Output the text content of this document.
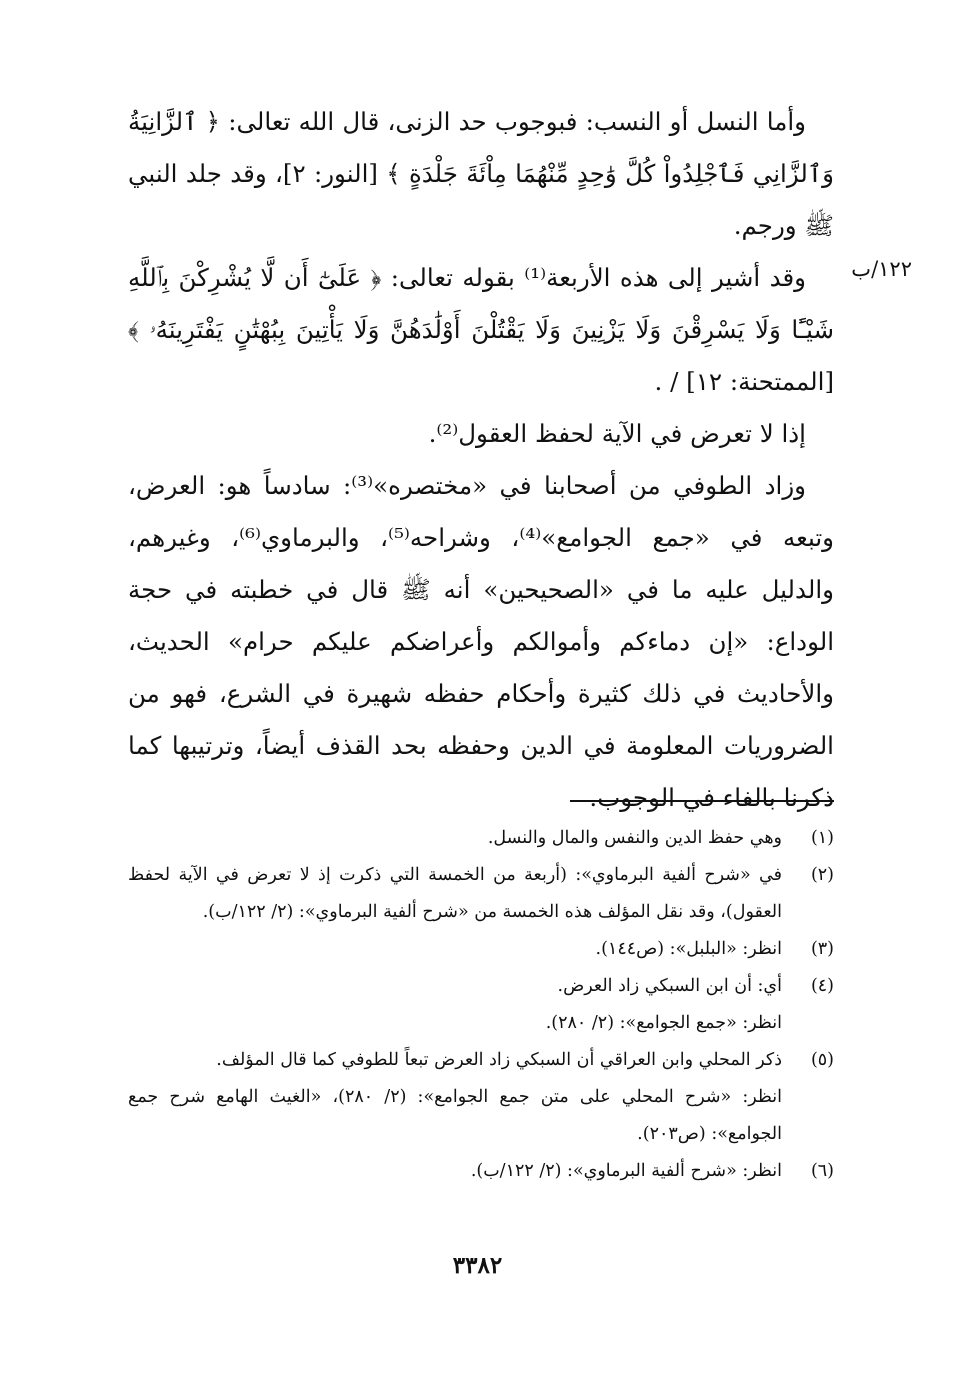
١٢٢/ب

وأما النسل أو النسب: فبوجوب حد الزنى، قال الله تعالى: ﴿ ٱلزَّانِيَةُ وَٱلزَّانِي فَٱجْلِدُواْ كُلَّ وَٰحِدٍ مِّنْهُمَا مِاْئَةَ جَلْدَةٍ ﴾ [النور: ٢]، وقد جلد النبي ﷺ ورجم.

وقد أشير إلى هذه الأربعة⁽¹⁾ بقوله تعالى: ﴿ عَلَىٰٓ أَن لَّا يُشْرِكْنَ بِٱللَّهِ شَيْـًٔا وَلَا يَسْرِقْنَ وَلَا يَزْنِينَ وَلَا يَقْتُلْنَ أَوْلَٰدَهُنَّ وَلَا يَأْتِينَ بِبُهْتَٰنٍ يَفْتَرِينَهُۥ ﴾ [الممتحنة: ١٢] / .

إذا لا تعرض في الآية لحفظ العقول⁽²⁾.

وزاد الطوفي من أصحابنا في «مختصره»⁽³⁾: سادساً هو: العرض، وتبعه في «جمع الجوامع»⁽⁴⁾، وشراحه⁽⁵⁾، والبرماوي⁽⁶⁾، وغيرهم، والدليل عليه ما في «الصحيحين» أنه ﷺ قال في خطبته في حجة الوداع: «إن دماءكم وأموالكم وأعراضكم عليكم حرام» الحديث، والأحاديث في ذلك كثيرة وأحكام حفظه شهيرة في الشرع، فهو من الضروريات المعلومة في الدين وحفظه بحد القذف أيضاً، وترتيبها كما ذكرنا بالفاء في الوجوب.

(١)
وهي حفظ الدين والنفس والمال والنسل.
(٢)
في «شرح ألفية البرماوي»: (أربعة من الخمسة التي ذكرت إذ لا تعرض في الآية لحفظ العقول)، وقد نقل المؤلف هذه الخمسة من «شرح ألفية البرماوي»: (٢/ ١٢٢/ب).
(٣)
انظر: «البلبل»: (ص١٤٤).
(٤)
أي: أن ابن السبكي زاد العرض.
انظر: «جمع الجوامع»: (٢/ ٢٨٠).
(٥)
ذكر المحلي وابن العراقي أن السبكي زاد العرض تبعاً للطوفي كما قال المؤلف.
انظر: «شرح المحلي على متن جمع الجوامع»: (٢/ ٢٨٠)، «الغيث الهامع شرح جمع الجوامع»: (ص٢٠٣).
(٦)
انظر: «شرح ألفية البرماوي»: (٢/ ١٢٢/ب).
٣٣٨٢
